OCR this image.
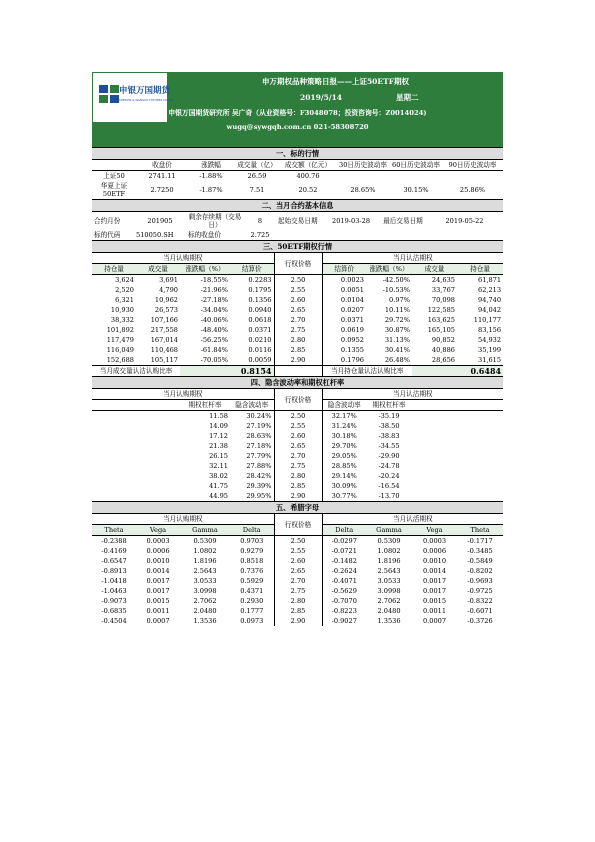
申银万国期货
SHENYIN & WANGUO FUTURES CO.,LTD.
申万期权品种策略日报——上证50ETF期权
2019/5/14	星期二
申银万国期货研究所 吴广奇（从业资格号：F3048078；投资咨询号：Z0014024)
wugq@sywgqh.com.cn 021-58308720
一、标的行情							
	收盘价	涨跌幅	成交量（亿）	成交额（亿元）	30日历史波动率	60日历史波动率	90日历史波动率
上证50	2741.11	-1.88%	26.59	400.76			
华夏上证50ETF	2.7250	-1.87%	7.51	20.52	28.65%	30.15%	25.86%
二、当月合约基本信息							
合约月份	201905	剩余存续期（交易日）	8	起始交易日期	2019-03-28	最后交易日期	2019-05-22
标的代码	510050.SH	标的收盘价	2.725				
三、50ETF期权行情								
当月认购期权				行权价格	当月认沽期权			
持仓量	成交量	涨跌幅（%）	结算价		结算价	涨跌幅（%）	成交量	持仓量
3,624	3,691	-18.55%	0.2283	2.50	0.0023	-42.50%	24,635	61,871
2,520	4,790	-21.96%	0.1795	2.55	0.0051	-10.53%	33,767	62,213
6,321	10,962	-27.18%	0.1356	2.60	0.0104	0.97%	70,098	94,740
10,930	26,573	-34.04%	0.0940	2.65	0.0207	10.11%	122,585	94,042
38,332	107,166	-40.06%	0.0618	2.70	0.0371	29.72%	163,625	110,177
101,892	217,558	-48.40%	0.0371	2.75	0.0619	30.87%	165,105	83,156
117,479	167,014	-56.25%	0.0210	2.80	0.0952	31.13%	90,852	54,932
116,049	110,468	-61.84%	0.0116	2.85	0.1355	30.41%	40,886	35,199
152,688	105,117	-70.05%	0.0059	2.90	0.1796	26.48%	28,656	31,615
当月成交量认沽认购比率		0.8154			当月持仓量认沽认购比率		0.6484	
四、隐含波动率和期权杠杆率								
当月认购期权				行权价格	当月认沽期权			
		期权杠杆率	隐含波动率		隐含波动率	期权杠杆率		
		11.58	30.24%	2.50	32.17%	-35.19		
		14.09	27.19%	2.55	31.24%	-38.50		
		17.12	28.63%	2.60	30.18%	-38.83		
		21.38	27.18%	2.65	29.70%	-34.55		
		26.15	27.79%	2.70	29.05%	-29.90		
		32.11	27.88%	2.75	28.85%	-24.78		
		38.02	28.42%	2.80	29.14%	-20.24		
		41.75	29.39%	2.85	30.09%	-16.54		
		44.95	29.95%	2.90	30.77%	-13.70		
五、希腊字母								
当月认购期权				行权价格	当月认活期权			
Theta	Vega	Gamma	Delta		Delta	Gamma	Vega	Theta
-0.2388	0.0003	0.5309	0.9703	2.50	-0.0297	0.5309	0.0003	-0.1717
-0.4169	0.0006	1.0802	0.9279	2.55	-0.0721	1.0802	0.0006	-0.3485
-0.6547	0.0010	1.8196	0.8518	2.60	-0.1482	1.8196	0.0010	-0.5849
-0.8913	0.0014	2.5643	0.7376	2.65	-0.2624	2.5643	0.0014	-0.8202
-1.0418	0.0017	3.0533	0.5929	2.70	-0.4071	3.0533	0.0017	-0.9693
-1.0463	0.0017	3.0998	0.4371	2.75	-0.5629	3.0998	0.0017	-0.9725
-0.9073	0.0015	2.7062	0.2930	2.80	-0.7070	2.7062	0.0015	-0.8322
-0.6835	0.0011	2.0480	0.1777	2.85	-0.8223	2.0480	0.0011	-0.6071
-0.4504	0.0007	1.3536	0.0973	2.90	-0.9027	1.3536	0.0007	-0.3726
